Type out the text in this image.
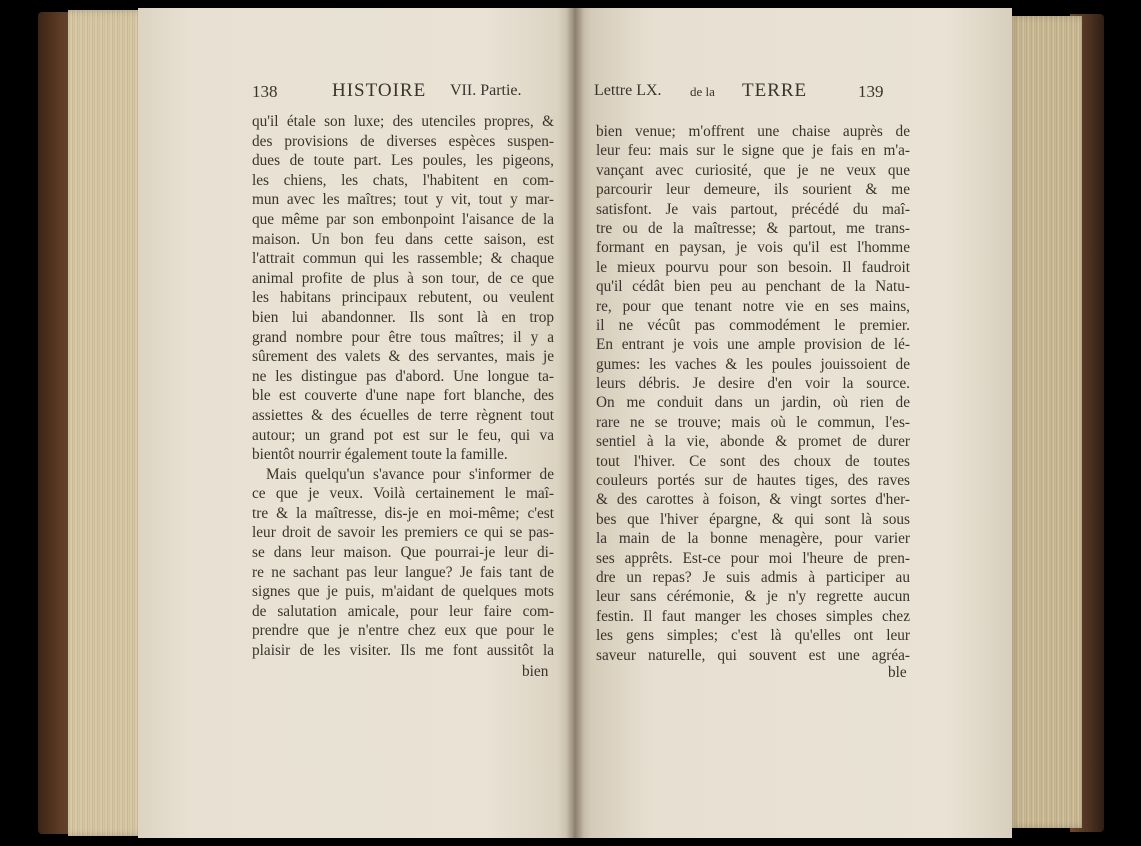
138	HISTOIRE VII. Partie.
qu'il étale son luxe; des utenciles propres, &
des provisions de diverses espèces suspen-
dues de toute part. Les poules, les pigeons,
les chiens, les chats, l'habitent en com-
mun avec les maîtres; tout y vit, tout y mar-
que même par son embonpoint l'aisance de la
maison. Un bon feu dans cette saison, est
l'attrait commun qui les rassemble; & chaque
animal profite de plus à son tour, de ce que
les habitans principaux rebutent, ou veulent
bien lui abandonner. Ils sont là en trop
grand nombre pour être tous maîtres; il y a
sûrement des valets & des servantes, mais je
ne les distingue pas d'abord. Une longue ta-
ble est couverte d'une nape fort blanche, des
assiettes & des écuelles de terre règnent tout
autour; un grand pot est sur le feu, qui va
bientôt nourrir également toute la famille.
Mais quelqu'un s'avance pour s'informer de
ce que je veux. Voilà certainement le maî-
tre & la maîtresse, dis-je en moi-même; c'est
leur droit de savoir les premiers ce qui se pas-
se dans leur maison. Que pourrai-je leur di-
re ne sachant pas leur langue? Je fais tant de
signes que je puis, m'aidant de quelques mots
de salutation amicale, pour leur faire com-
prendre que je n'entre chez eux que pour le
plaisir de les visiter. Ils me font aussitôt la
bien
Lettre LX. de la TERRE	139
bien venue; m'offrent une chaise auprès de
leur feu: mais sur le signe que je fais en m'a-
vançant avec curiosité, que je ne veux que
parcourir leur demeure, ils sourient & me
satisfont. Je vais partout, précédé du maî-
tre ou de la maîtresse; & partout, me trans-
formant en paysan, je vois qu'il est l'homme
le mieux pourvu pour son besoin. Il faudroit
qu'il cédât bien peu au penchant de la Natu-
re, pour que tenant notre vie en ses mains,
il ne vécût pas commodément le premier.
En entrant je vois une ample provision de lé-
gumes: les vaches & les poules jouissoient de
leurs débris. Je desire d'en voir la source.
On me conduit dans un jardin, où rien de
rare ne se trouve; mais où le commun, l'es-
sentiel à la vie, abonde & promet de durer
tout l'hiver. Ce sont des choux de toutes
couleurs portés sur de hautes tiges, des raves
& des carottes à foison, & vingt sortes d'her-
bes que l'hiver épargne, & qui sont là sous
la main de la bonne menagère, pour varier
ses apprêts. Est-ce pour moi l'heure de pren-
dre un repas? Je suis admis à participer au
leur sans cérémonie, & je n'y regrette aucun
festin. Il faut manger les choses simples chez
les gens simples; c'est là qu'elles ont leur
saveur naturelle, qui souvent est une agréa-
ble
